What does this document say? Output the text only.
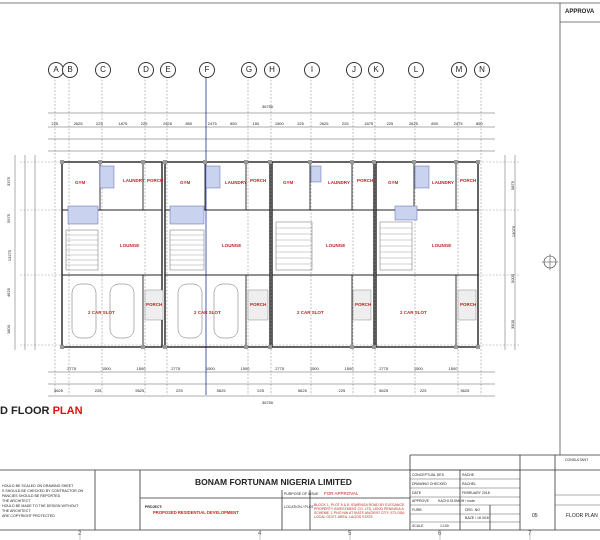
APPROVA
A	B	C	D	E	F	G	H	I	J	K	L	M	N
36750
36750
225	2625	225	1875	225	2625	850	2475	850	150	1500	225	2625	225	1875	225	2625	850	2475	850
5625	225	5625	225	5625	225	5625	225	5625	225	5625
2775	1500	1500	2775	1500	1500	2775	1500	1500	2775	1500	1500
3375
5975
13275
4625
1800
5875
13075
5000
3500
GYM	GYM	GYM	GYM
LAUNDRY	LAUNDRY	LAUNDRY	LAUNDRY
PORCH	PORCH	PORCH	PORCH
LOUNGE	LOUNGE	LOUNGE	LOUNGE
PORCH	PORCH	PORCH	PORCH
2 CAR SLOT	2 CAR SLOT	2 CAR SLOT	2 CAR SLOT
D FLOOR PLAN
HOULD BE SCALED ON DRAWING SHEET
S SHOULD BE CHECKED BY CONTRACTOR ON
PANCIES SHOULD BE REPORTED
THE ARCHITECT
HOULD BE MADE TO THE DESIGN WITHOUT
THE ARCHITECT
ARE COPYRIGHT PROTECTED
BONAM FORTUNAM NIGERIA LIMITED
PROJECT:
PROPOSED RESIDENTIAL DEVELOPMENT
PURPOSE OF ISSUE FOR APPROVAL
LOCATION / PLOT BLOCK 1, PLOT 5 & 8, IGWENGA ROAD BY ELEGANCE PROPERTY INVESTMENT CO. LTD, LEKKI PENINSULA SCHEME, 1 PHO NW AT IKATE ANCIENT CITY, ETI-OSA LOCAL GOVT. AREA, LAGOS STATE
CONCEPTUAL DES.	RACHE
DRAWING CHECKED	RACHEL
DATE	FEBRUARY 2018
APPROVE	KACHI IGJIMOH / node
FURB
SCALE	1:100
DRG. NO
BAZE / 18 /018	05	FLOOR PLAN
CONSULTANT
2	4	5	6	7
